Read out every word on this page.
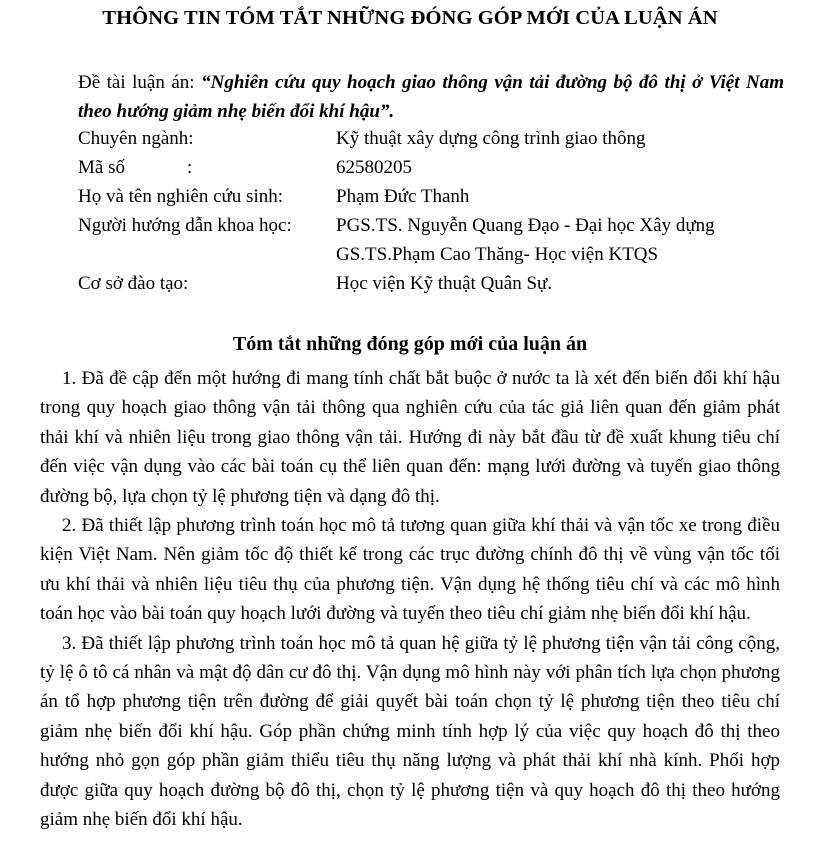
THÔNG TIN TÓM TẮT NHỮNG ĐÓNG GÓP MỚI CỦA LUẬN ÁN
Đề tài luận án: “Nghiên cứu quy hoạch giao thông vận tải đường bộ đô thị ở Việt Nam theo hướng giảm nhẹ biến đổi khí hậu”.
Chuyên ngành:	Kỹ thuật xây dựng công trình giao thông
Mã số	:	62580205
Họ và tên nghiên cứu sinh:	Phạm Đức Thanh
Người hướng dẫn khoa học: PGS.TS. Nguyễn Quang Đạo - Đại học Xây dựng
GS.TS.Phạm Cao Thăng- Học viện KTQS
Cơ sở đào tạo:	Học viện Kỹ thuật Quân Sự.
Tóm tắt những đóng góp mới của luận án

1. Đã đề cập đến một hướng đi mang tính chất bắt buộc ở nước ta là xét đến biến đổi khí hậu trong quy hoạch giao thông vận tải thông qua nghiên cứu của tác giả liên quan đến giảm phát thải khí và nhiên liệu trong giao thông vận tải. Hướng đi này bắt đầu từ đề xuất khung tiêu chí đến việc vận dụng vào các bài toán cụ thể liên quan đến: mạng lưới đường và tuyến giao thông đường bộ, lựa chọn tỷ lệ phương tiện và dạng đô thị.

2. Đã thiết lập phương trình toán học mô tả tương quan giữa khí thải và vận tốc xe trong điều kiện Việt Nam. Nên giảm tốc độ thiết kế trong các trục đường chính đô thị về vùng vận tốc tối ưu khí thải và nhiên liệu tiêu thụ của phương tiện. Vận dụng hệ thống tiêu chí và các mô hình toán học vào bài toán quy hoạch lưới đường và tuyến theo tiêu chí giảm nhẹ biến đổi khí hậu.

3. Đã thiết lập phương trình toán học mô tả quan hệ giữa tỷ lệ phương tiện vận tải công cộng, tỷ lệ ô tô cá nhân và mật độ dân cư đô thị. Vận dụng mô hình này với phân tích lựa chọn phương án tổ hợp phương tiện trên đường để giải quyết bài toán chọn tỷ lệ phương tiện theo tiêu chí giảm nhẹ biến đổi khí hậu. Góp phần chứng minh tính hợp lý của việc quy hoạch đô thị theo hướng nhỏ gọn góp phần giảm thiểu tiêu thụ năng lượng và phát thải khí nhà kính. Phối hợp được giữa quy hoạch đường bộ đô thị, chọn tỷ lệ phương tiện và quy hoạch đô thị theo hướng giảm nhẹ biến đổi khí hậu.
